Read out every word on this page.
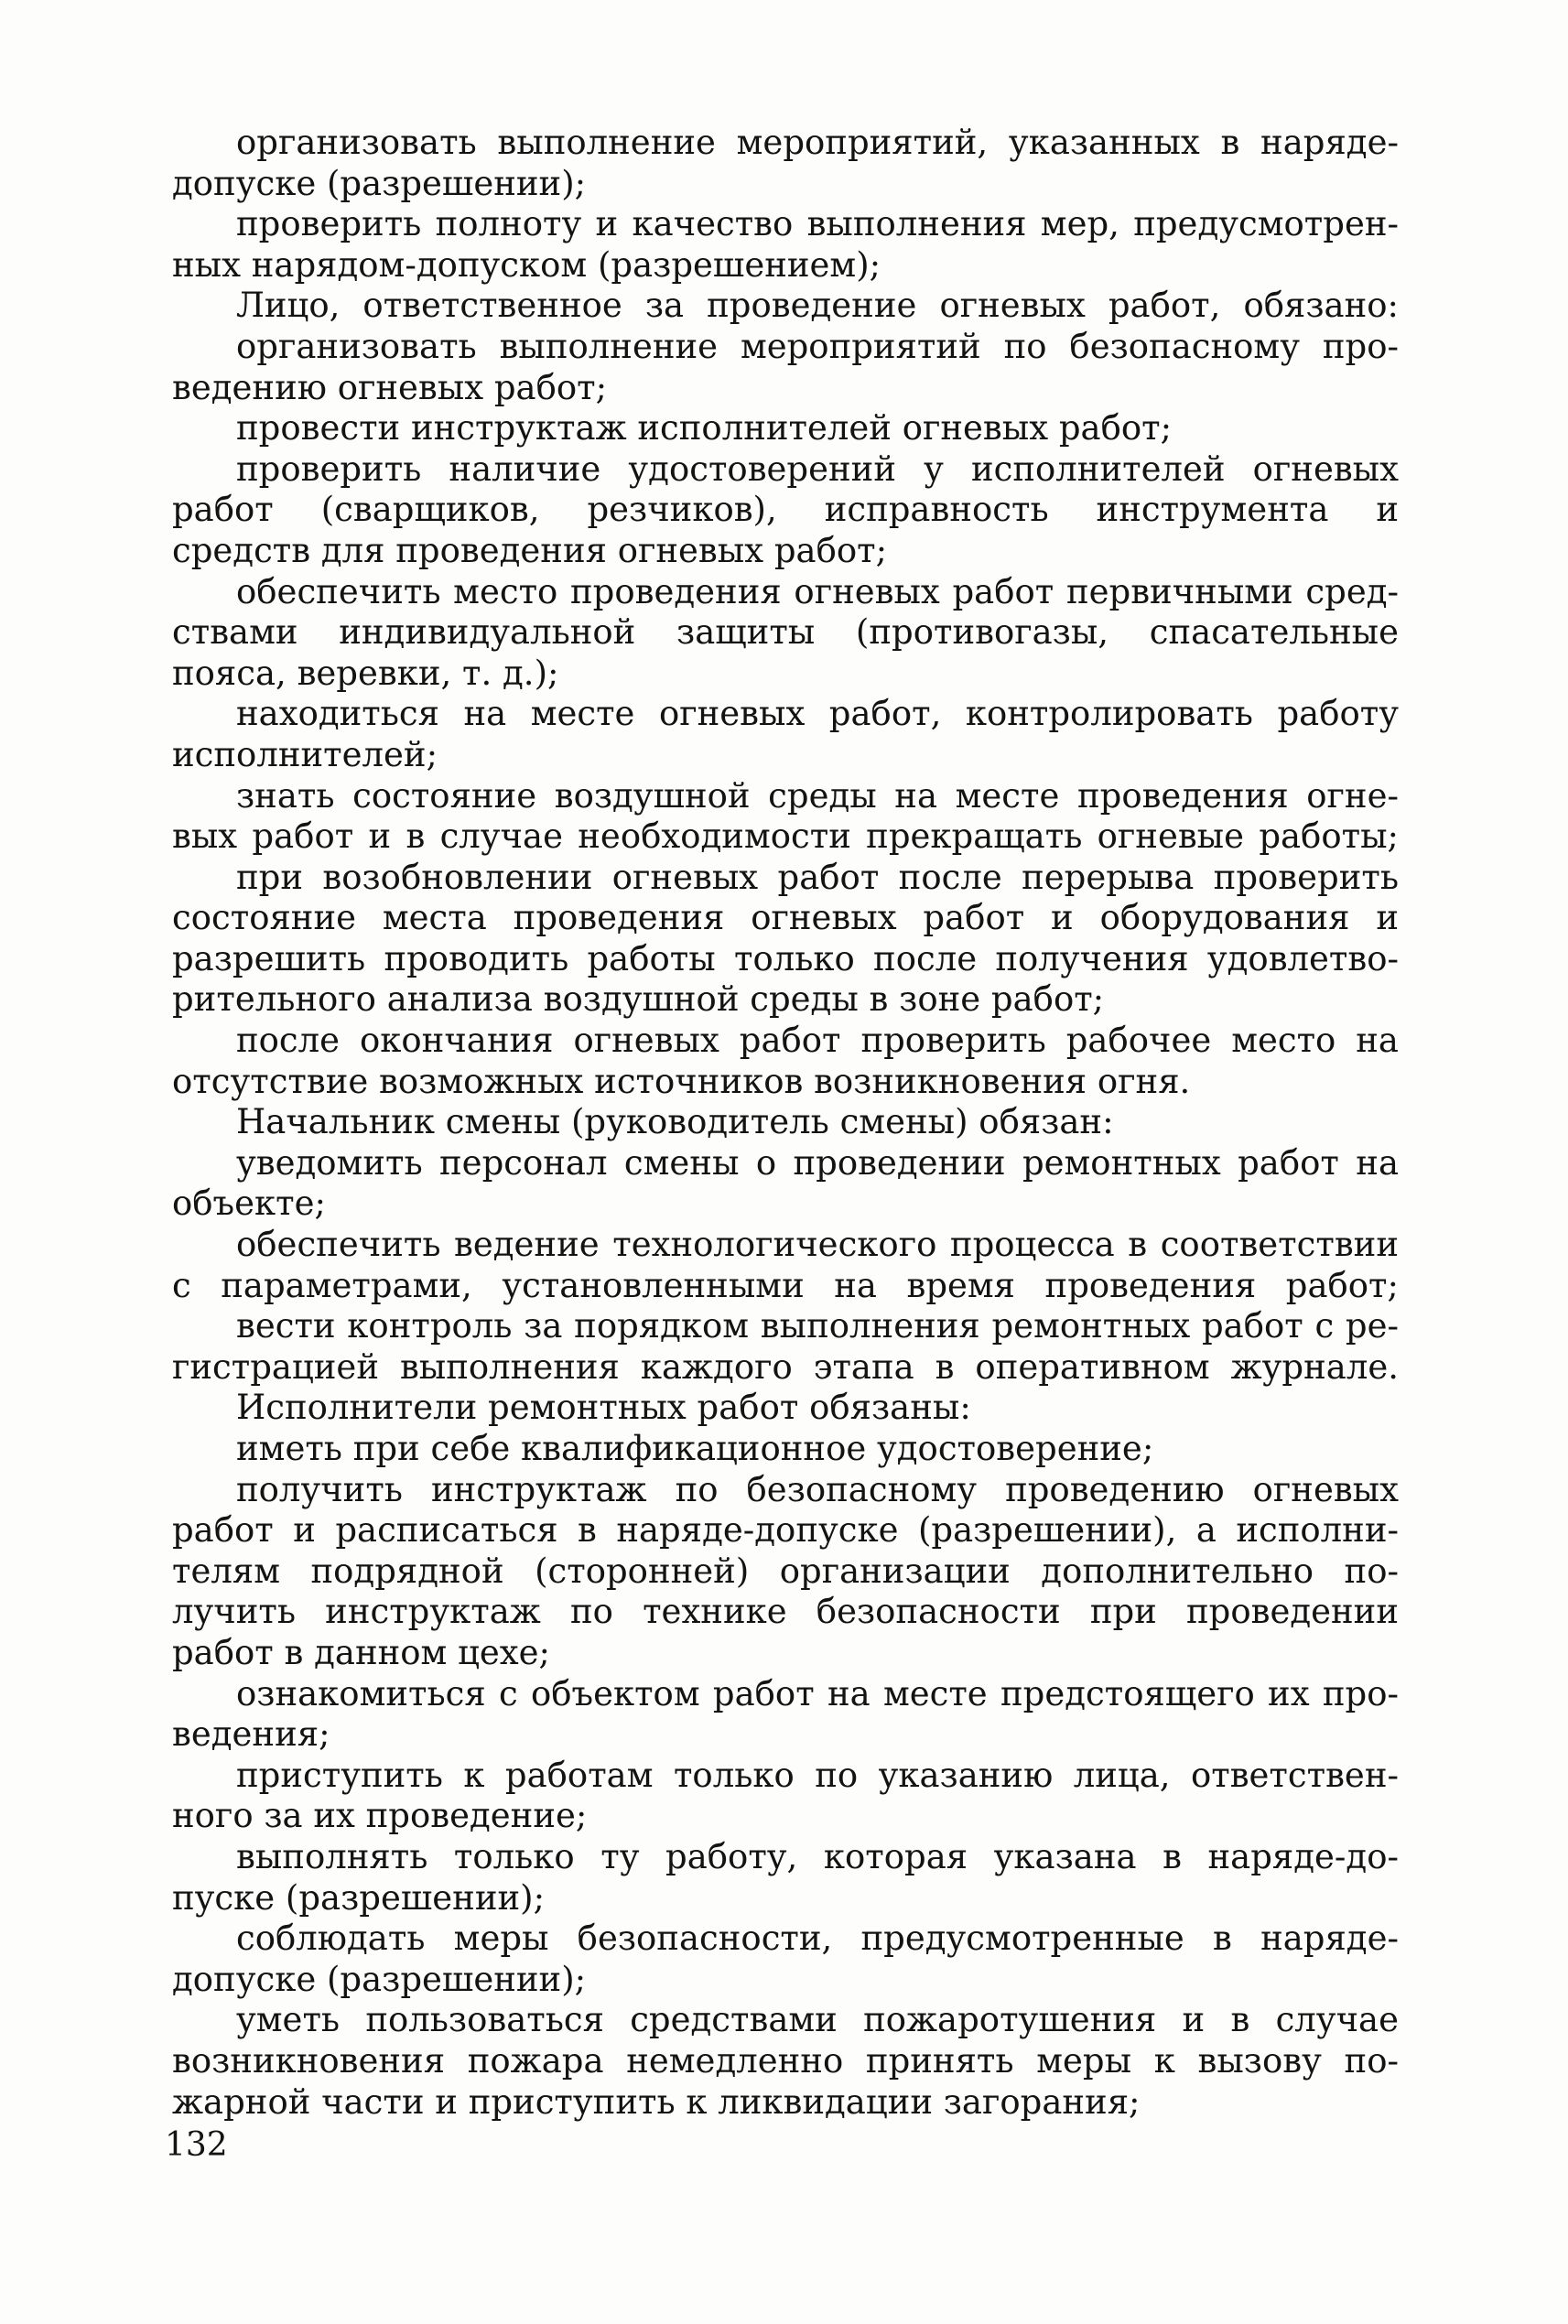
организовать выполнение мероприятий, указанных в наряде-
допуске (разрешении);
проверить полноту и качество выполнения мер, предусмотрен-
ных нарядом-допуском (разрешением);
Лицо, ответственное за проведение огневых работ, обязано:
организовать выполнение мероприятий по безопасному про-
ведению огневых работ;
провести инструктаж исполнителей огневых работ;
проверить наличие удостоверений у исполнителей огневых
работ (сварщиков, резчиков), исправность инструмента и
средств для проведения огневых работ;
обеспечить место проведения огневых работ первичными сред-
ствами индивидуальной защиты (противогазы, спасательные
пояса, веревки, т. д.);
находиться на месте огневых работ, контролировать работу
исполнителей;
знать состояние воздушной среды на месте проведения огне-
вых работ и в случае необходимости прекращать огневые работы;
при возобновлении огневых работ после перерыва проверить
состояние места проведения огневых работ и оборудования и
разрешить проводить работы только после получения удовлетво-
рительного анализа воздушной среды в зоне работ;
после окончания огневых работ проверить рабочее место на
отсутствие возможных источников возникновения огня.
Начальник смены (руководитель смены) обязан:
уведомить персонал смены о проведении ремонтных работ на
объекте;
обеспечить ведение технологического процесса в соответствии
с параметрами, установленными на время проведения работ;
вести контроль за порядком выполнения ремонтных работ с ре-
гистрацией выполнения каждого этапа в оперативном журнале.
Исполнители ремонтных работ обязаны:
иметь при себе квалификационное удостоверение;
получить инструктаж по безопасному проведению огневых
работ и расписаться в наряде-допуске (разрешении), а исполни-
телям подрядной (сторонней) организации дополнительно по-
лучить инструктаж по технике безопасности при проведении
работ в данном цехе;
ознакомиться с объектом работ на месте предстоящего их про-
ведения;
приступить к работам только по указанию лица, ответствен-
ного за их проведение;
выполнять только ту работу, которая указана в наряде-до-
пуске (разрешении);
соблюдать меры безопасности, предусмотренные в наряде-
допуске (разрешении);
уметь пользоваться средствами пожаротушения и в случае
возникновения пожара немедленно принять меры к вызову по-
жарной части и приступить к ликвидации загорания;
132
